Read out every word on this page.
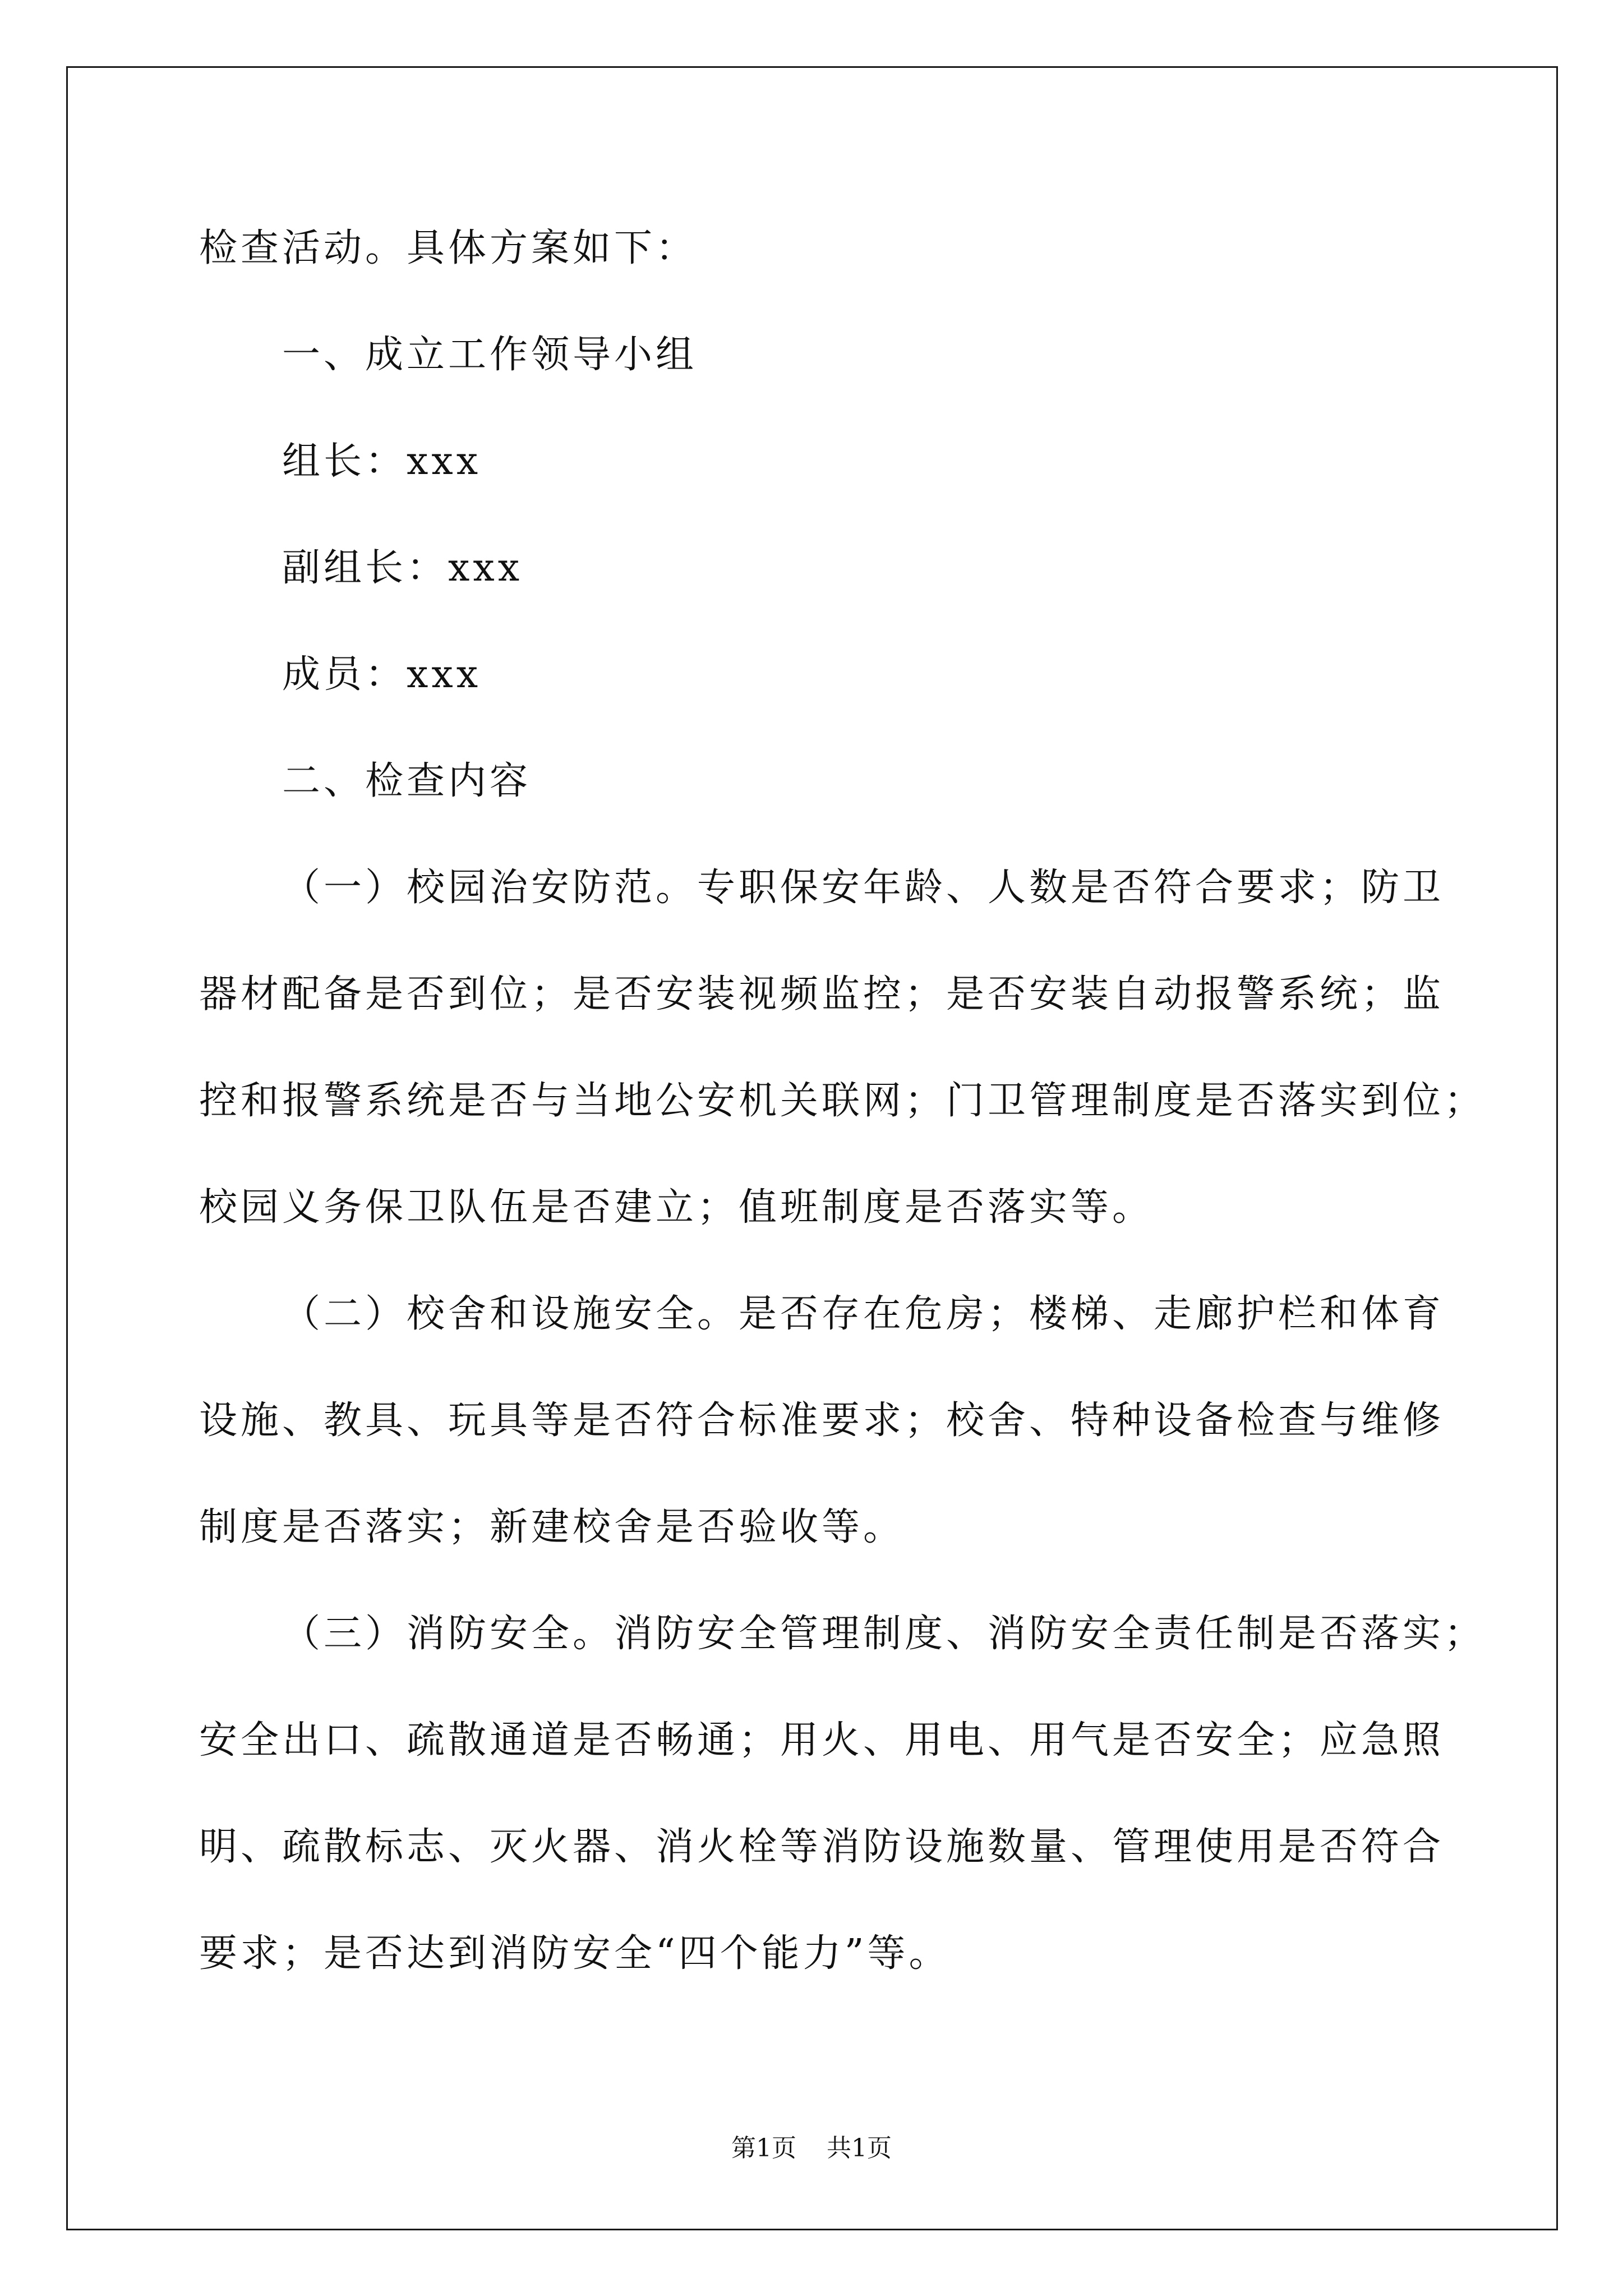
检查活动。具体方案如下：
一、成立工作领导小组
组长：xxx
副组长：xxx
成员：xxx
二、检查内容

（一）校园治安防范。专职保安年龄、人数是否符合要求；防卫

器材配备是否到位；是否安装视频监控；是否安装自动报警系统；监

控和报警系统是否与当地公安机关联网；门卫管理制度是否落实到位；

校园义务保卫队伍是否建立；值班制度是否落实等。

（二）校舍和设施安全。是否存在危房；楼梯、走廊护栏和体育

设施、教具、玩具等是否符合标准要求；校舍、特种设备检查与维修

制度是否落实；新建校舍是否验收等。

（三）消防安全。消防安全管理制度、消防安全责任制是否落实；

安全出口、疏散通道是否畅通；用火、用电、用气是否安全；应急照

明、疏散标志、灭火器、消火栓等消防设施数量、管理使用是否符合

要求；是否达到消防安全“四个能力”等。

第1页 共1页
